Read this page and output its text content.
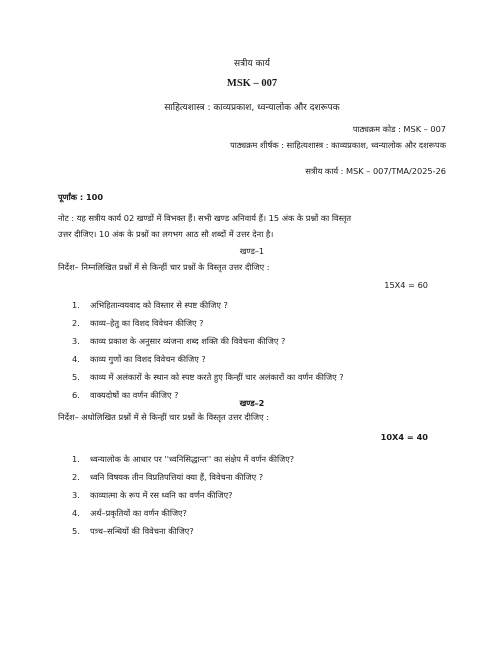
सत्रीय कार्य
MSK – 007
साहित्यशास्त्र : काव्यप्रकाश, ध्वन्यालोक और दशरूपक
पाठ्यक्रम कोड : MSK – 007
पाठ्यक्रम शीर्षक : साहित्यशास्त्र : काव्यप्रकाश, ध्वन्यालोक और दशरूपक
सत्रीय कार्य : MSK – 007/TMA/2025-26
पूर्णांक : 100
नोट : यह सत्रीय कार्य 02 खण्डों में विभक्त हैं। सभी खण्ड अनिवार्य हैं। 15 अंक के प्रश्नों का विस्तृत
उत्तर दीजिए। 10 अंक के प्रश्नों का लगभग आठ सौ शब्दों में उत्तर देना है।
खण्ड–1
निर्देश– निम्नलिखित प्रश्नों में से किन्हीं चार प्रश्नों के विस्तृत उत्तर दीजिए :
15X4 = 60
1. अभिहितान्वयवाद को विस्तार से स्पष्ट कीजिए ?
2. काव्य–हेतु का विशद विवेचन कीजिए ?
3. काव्य प्रकाश के अनुसार व्यंजना शब्द शक्ति की विवेचना कीजिए ?
4. काव्य गुणों का विशद विवेचन कीजिए ?
5. काव्य में अलंकारों के स्थान को स्पष्ट करते हुए किन्हीं चार अलंकारों का वर्णन कीजिए ?
6. वाक्यदोषों का वर्णन कीजिए ?
खण्ड–2
निर्देश– अधोलिखित प्रश्नों में से किन्हीं चार प्रश्नों के विस्तृत उत्तर दीजिए :
10X4 = 40
1. ध्वन्यालोक के आधार पर ''ध्वनिसिद्धान्त'' का संक्षेप में वर्णन कीजिए?
2. ध्वनि विषयक तीन विप्रतिपत्तियां क्या हैं, विवेचना कीजिए ?
3. काव्यात्मा के रूप में रस ध्वनि का वर्णन कीजिए?
4. अर्थ–प्रकृतियों का वर्णन कीजिए?
5. पत्र्च–सन्धियों की विवेचना कीजिए?
